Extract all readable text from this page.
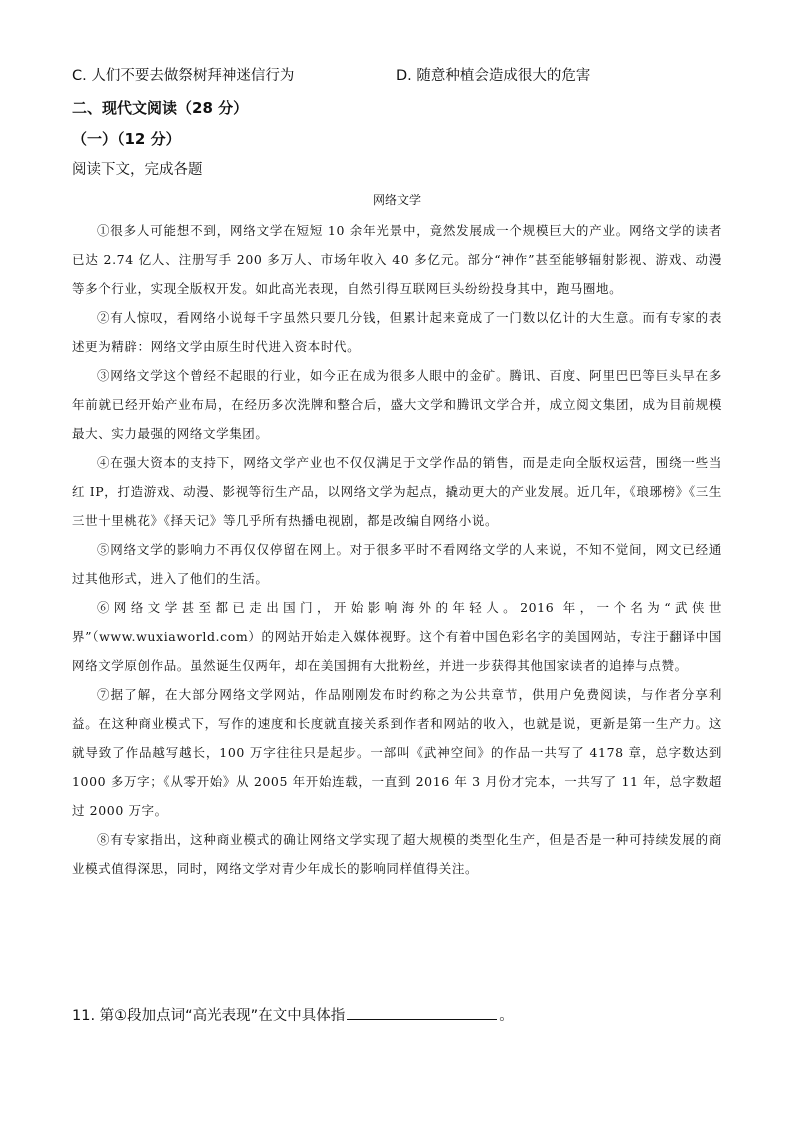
C. 人们不要去做祭树拜神迷信行为	D. 随意种植会造成很大的危害
二、现代文阅读（28 分）
（一）（12 分）
阅读下文，完成各题
网络文学

①很多人可能想不到，网络文学在短短 10 余年光景中，竟然发展成一个规模巨大的产业。网络文学的读者已达 2.74 亿人、注册写手 200 多万人、市场年收入 40 多亿元。部分“神作”甚至能够辐射影视、游戏、动漫等多个行业，实现全版权开发。如此高光表现，自然引得互联网巨头纷纷投身其中，跑马圈地。

②有人惊叹，看网络小说每千字虽然只要几分钱，但累计起来竟成了一门数以亿计的大生意。而有专家的表述更为精辟：网络文学由原生时代进入资本时代。

③网络文学这个曾经不起眼的行业，如今正在成为很多人眼中的金矿。腾讯、百度、阿里巴巴等巨头早在多年前就已经开始产业布局，在经历多次洗牌和整合后，盛大文学和腾讯文学合并，成立阅文集团，成为目前规模最大、实力最强的网络文学集团。

④在强大资本的支持下，网络文学产业也不仅仅满足于文学作品的销售，而是走向全版权运营，围绕一些当红 IP，打造游戏、动漫、影视等衍生产品，以网络文学为起点，撬动更大的产业发展。近几年，《琅琊榜》《三生三世十里桃花》《择天记》等几乎所有热播电视剧，都是改编自网络小说。

⑤网络文学的影响力不再仅仅停留在网上。对于很多平时不看网络文学的人来说，不知不觉间，网文已经通过其他形式，进入了他们的生活。

⑥网络文学甚至都已走出国门，开始影响海外的年轻人。2016 年，一个名为“武侠世界”（www.wuxiaworld.com）的网站开始走入媒体视野。这个有着中国色彩名字的美国网站，专注于翻译中国网络文学原创作品。虽然诞生仅两年，却在美国拥有大批粉丝，并进一步获得其他国家读者的追捧与点赞。

⑦据了解，在大部分网络文学网站，作品刚刚发布时约称之为公共章节，供用户免费阅读，与作者分享利益。在这种商业模式下，写作的速度和长度就直接关系到作者和网站的收入，也就是说，更新是第一生产力。这就导致了作品越写越长，100 万字往往只是起步。一部叫《武神空间》的作品一共写了 4178 章，总字数达到 1000 多万字；《从零开始》从 2005 年开始连载，一直到 2016 年 3 月份才完本，一共写了 11 年，总字数超过 2000 万字。

⑧有专家指出，这种商业模式的确让网络文学实现了超大规模的类型化生产，但是否是一种可持续发展的商业模式值得深思，同时，网络文学对青少年成长的影响同样值得关注。

11. 第①段加点词“高光表现”在文中具体指	。
